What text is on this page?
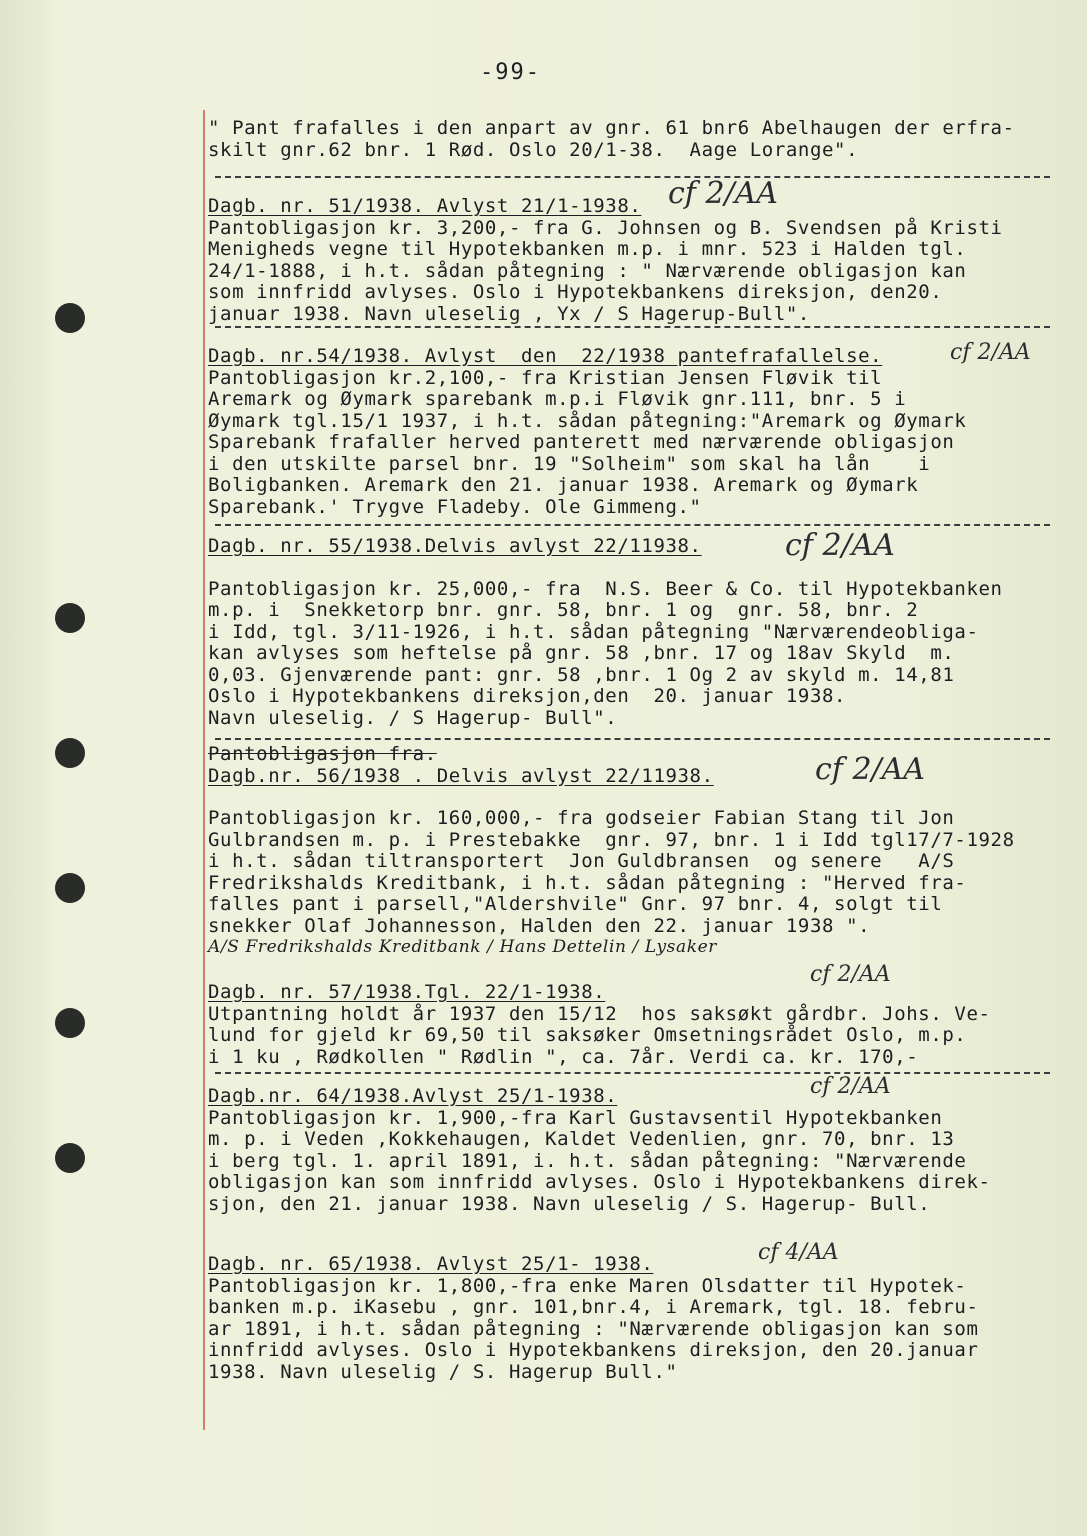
-99-
" Pant frafalles i den anpart av gnr. 61 bnr6 Abelhaugen der erfra-
skilt gnr.62 bnr. 1 Rød. Oslo 20/1-38.  Aage Lorange".
Dagb. nr. 51/1938. Avlyst 21/1-1938.
Pantobligasjon kr. 3,200,- fra G. Johnsen og B. Svendsen på Kristi
Menigheds vegne til Hypotekbanken m.p. i mnr. 523 i Halden tgl.
24/1-1888, i h.t. sådan påtegning : " Nærværende obligasjon kan
som innfridd avlyses. Oslo i Hypotekbankens direksjon, den20.
januar 1938. Navn uleselig , Yx / S Hagerup-Bull".
cf 2/AA
Dagb. nr.54/1938. Avlyst  den  22/1938 pantefrafallelse.
Pantobligasjon kr.2,100,- fra Kristian Jensen Fløvik til
Aremark og Øymark sparebank m.p.i Fløvik gnr.111, bnr. 5 i
Øymark tgl.15/1 1937, i h.t. sådan påtegning:"Aremark og Øymark
Sparebank frafaller herved panterett med nærværende obligasjon
i den utskilte parsel bnr. 19 "Solheim" som skal ha lån    i
Boligbanken. Aremark den 21. januar 1938. Aremark og Øymark
Sparebank.' Trygve Fladeby. Ole Gimmeng."
cf 2/AA
Dagb. nr. 55/1938.Delvis avlyst 22/11938.
Pantobligasjon kr. 25,000,- fra  N.S. Beer & Co. til Hypotekbanken
m.p. i  Snekketorp bnr. gnr. 58, bnr. 1 og  gnr. 58, bnr. 2
i Idd, tgl. 3/11-1926, i h.t. sådan påtegning "Nærværendeobliga-
kan avlyses som heftelse på gnr. 58 ,bnr. 17 og 18av Skyld  m.
0,03. Gjenværende pant: gnr. 58 ,bnr. 1 Og 2 av skyld m. 14,81
Oslo i Hypotekbankens direksjon,den  20. januar 1938.
Navn uleselig. / S Hagerup- Bull".
cf 2/AA
Pantobligasjon fra.
Dagb.nr. 56/1938 . Delvis avlyst 22/11938.
Pantobligasjon kr. 160,000,- fra godseier Fabian Stang til Jon
Gulbrandsen m. p. i Prestebakke  gnr. 97, bnr. 1 i Idd tgl17/7-1928
i h.t. sådan tiltransportert  Jon Guldbransen  og senere   A/S
Fredrikshalds Kreditbank, i h.t. sådan påtegning : "Herved fra-
falles pant i parsell,"Aldershvile" Gnr. 97 bnr. 4, solgt til
snekker Olaf Johannesson, Halden den 22. januar 1938 ".
A/S Fredrikshalds Kreditbank / Hans Dettelin / Lysaker
cf 2/AA
Dagb. nr. 57/1938.Tgl. 22/1-1938.
Utpantning holdt år 1937 den 15/12  hos saksøkt gårdbr. Johs. Ve-
lund for gjeld kr 69,50 til saksøker Omsetningsrådet Oslo, m.p.
i 1 ku , Rødkollen " Rødlin ", ca. 7år. Verdi ca. kr. 170,-
cf 2/AA
Dagb.nr. 64/1938.Avlyst 25/1-1938.
Pantobligasjon kr. 1,900,-fra Karl Gustavsentil Hypotekbanken
m. p. i Veden ,Kokkehaugen, Kaldet Vedenlien, gnr. 70, bnr. 13
i berg tgl. 1. april 1891, i. h.t. sådan påtegning: "Nærværende
obligasjon kan som innfridd avlyses. Oslo i Hypotekbankens direk-
sjon, den 21. januar 1938. Navn uleselig / S. Hagerup- Bull.
cf 2/AA
Dagb. nr. 65/1938. Avlyst 25/1- 1938.
Pantobligasjon kr. 1,800,-fra enke Maren Olsdatter til Hypotek-
banken m.p. iKasebu , gnr. 101,bnr.4, i Aremark, tgl. 18. febru-
ar 1891, i h.t. sådan påtegning : "Nærværende obligasjon kan som
innfridd avlyses. Oslo i Hypotekbankens direksjon, den 20.januar
1938. Navn uleselig / S. Hagerup Bull."
cf 4/AA
